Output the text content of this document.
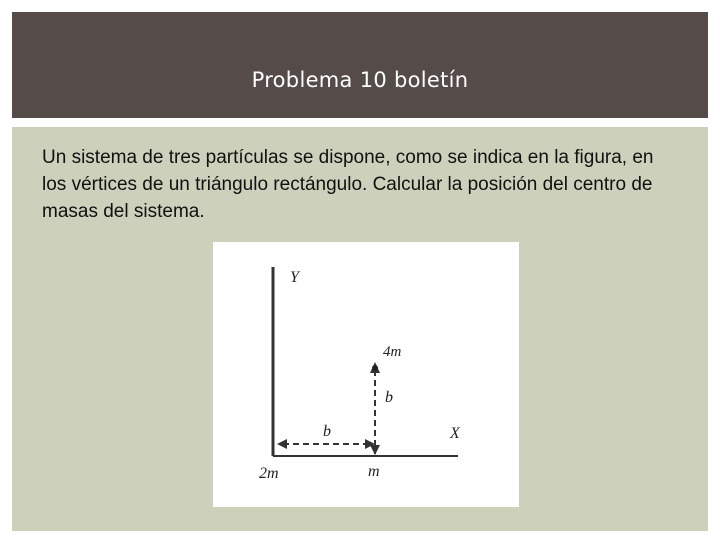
Problema 10 boletín
Un sistema de tres partículas se dispone, como se indica en la figura, en los vértices de un triángulo rectángulo. Calcular la posición del centro de masas del sistema.
Y
X
4m
b
b
2m	m
